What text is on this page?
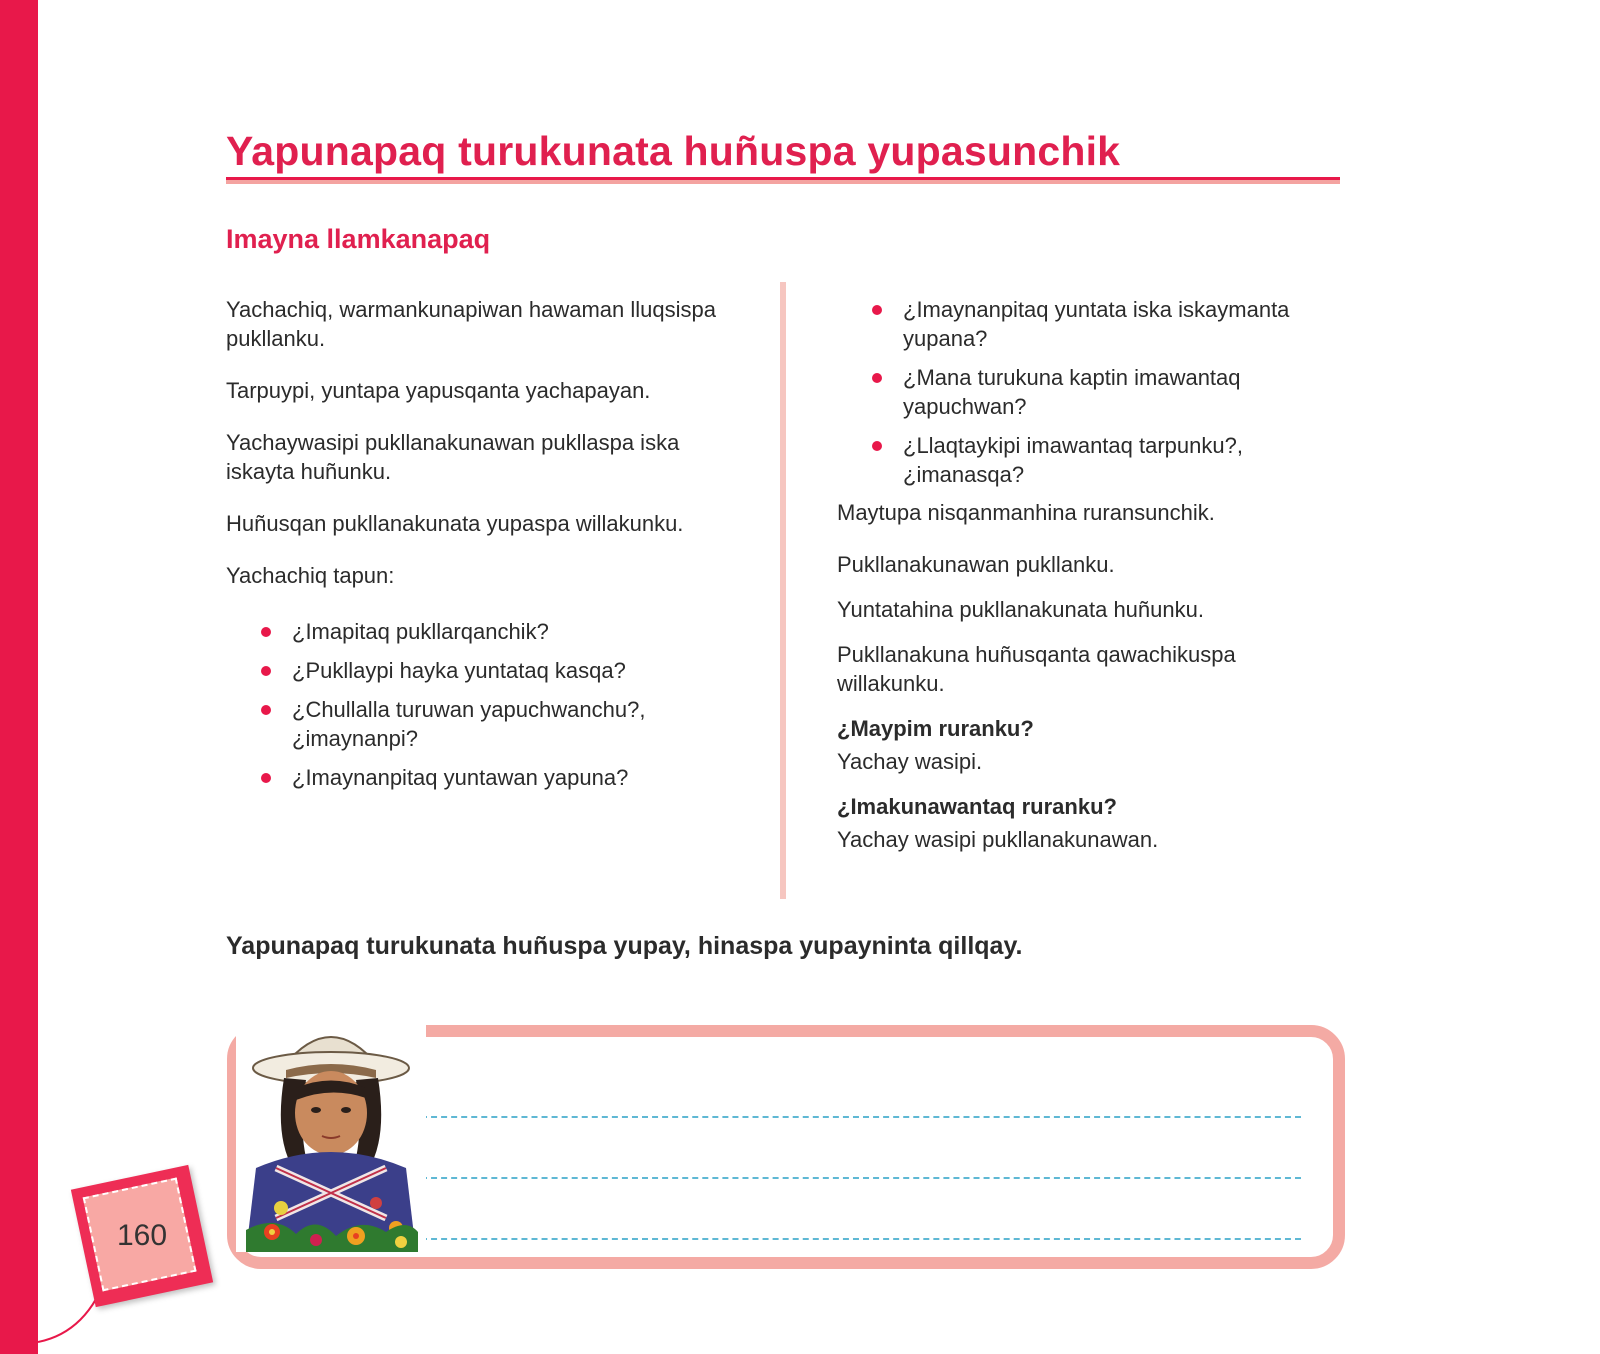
Yapunapaq turukunata huñuspa yupasunchik
Imayna llamkanapaq

Yachachiq, warmankunapiwan hawaman lluqsispa pukllanku.

Tarpuypi, yuntapa yapusqanta yachapayan.

Yachaywasipi pukllanakunawan pukllaspa iska iskayta huñunku.

Huñusqan pukllanakunata yupaspa willakunku.

Yachachiq tapun:

¿Imapitaq pukllarqanchik?
¿Pukllaypi hayka yuntataq kasqa?
¿Chullalla turuwan yapuchwanchu?, ¿imaynanpi?
¿Imaynanpitaq yuntawan yapuna?
¿Imaynanpitaq yuntata iska iskaymanta yupana?
¿Mana turukuna kaptin imawantaq yapuchwan?
¿Llaqtaykipi imawantaq tarpunku?, ¿imanasqa?

Maytupa nisqanmanhina ruransunchik.

Pukllanakunawan pukllanku.

Yuntatahina pukllanakunata huñunku.

Pukllanakuna huñusqanta qawachikuspa willakunku.

¿Maypim ruranku?

Yachay wasipi.

¿Imakunawantaq ruranku?

Yachay wasipi pukllanakunawan.

Yapunapaq turukunata huñuspa yupay, hinaspa yupayninta qillqay.

160
